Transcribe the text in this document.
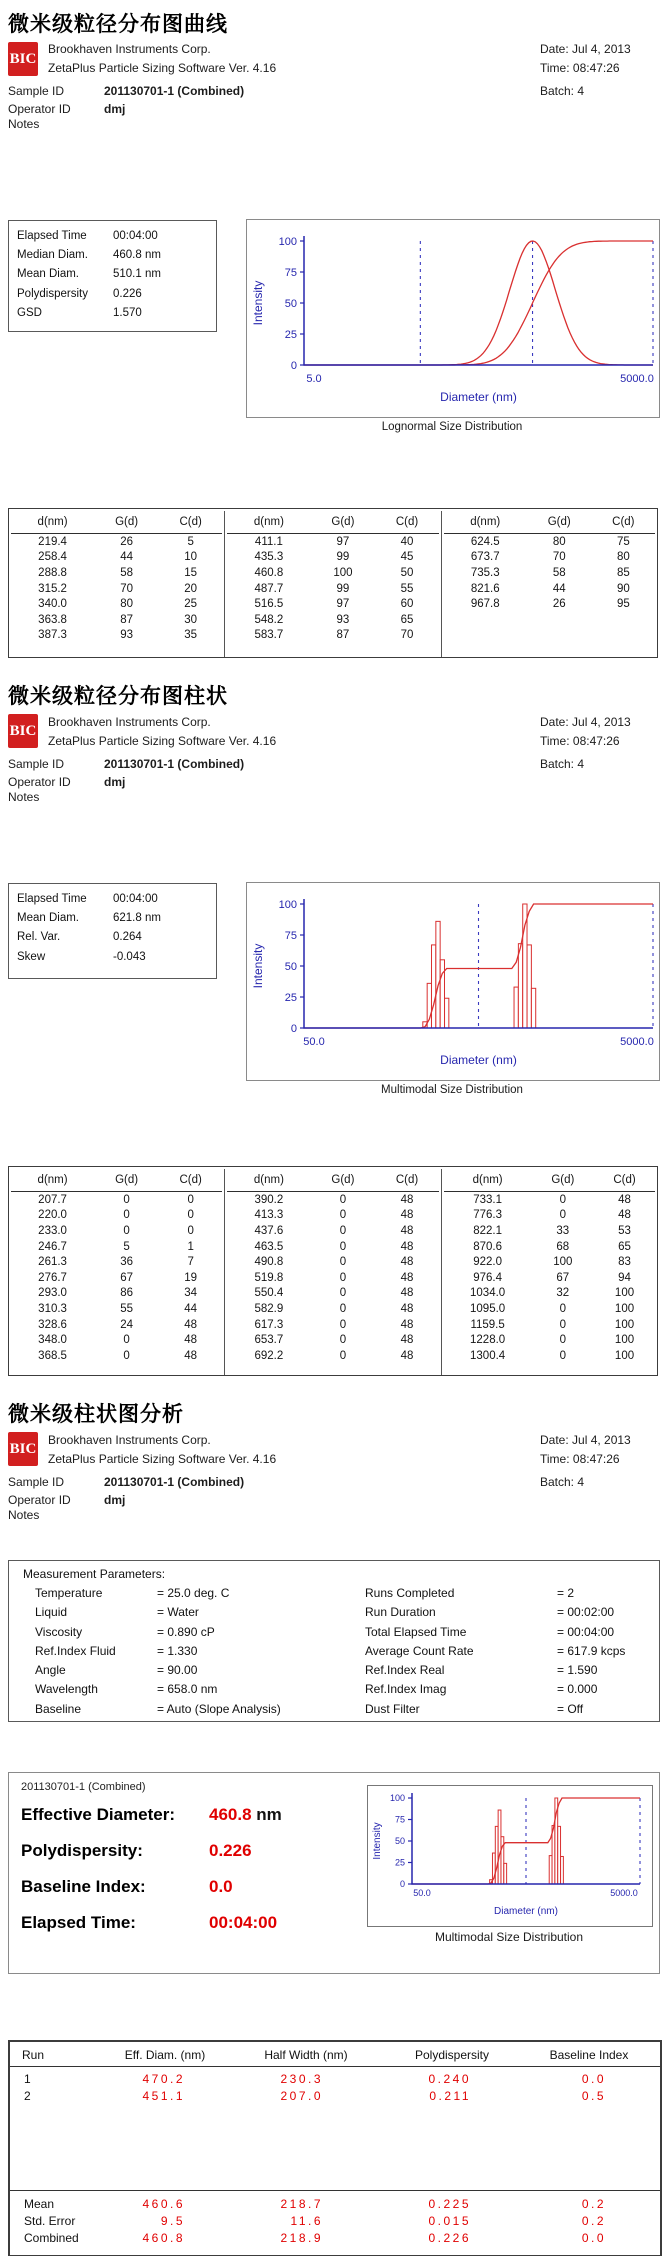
微米级粒径分布图曲线
BIC
Brookhaven Instruments Corp.
ZetaPlus Particle Sizing Software Ver. 4.16
Date: Jul 4, 2013
Time: 08:47:26
Batch: 4
Sample ID	201130701-1 (Combined)
Operator ID	dmj
Notes
Elapsed Time	00:04:00
Median Diam.	460.8 nm
Mean Diam.	510.1 nm
Polydispersity	0.226
GSD	1.570
0
25
50
75
100
5.0	5000.0
Diameter (nm)
Intensity
Lognormal Size Distribution
d(nm)	G(d)	C(d)
219.4	26	5
258.4	44	10
288.8	58	15
315.2	70	20
340.0	80	25
363.8	87	30
387.3	93	35
d(nm)	G(d)	C(d)
411.1	97	40
435.3	99	45
460.8	100	50
487.7	99	55
516.5	97	60
548.2	93	65
583.7	87	70
d(nm)	G(d)	C(d)
624.5	80	75
673.7	70	80
735.3	58	85
821.6	44	90
967.8	26	95
微米级粒径分布图柱状
BIC
Brookhaven Instruments Corp.
ZetaPlus Particle Sizing Software Ver. 4.16
Date: Jul 4, 2013
Time: 08:47:26
Batch: 4
Sample ID	201130701-1 (Combined)
Operator ID	dmj
Notes
Elapsed Time	00:04:00
Mean Diam.	621.8 nm
Rel. Var.	0.264
Skew	-0.043
0
25
50
75
100
50.0	5000.0
Diameter (nm)
Intensity
Multimodal Size Distribution
d(nm)	G(d)	C(d)
207.7	0	0
220.0	0	0
233.0	0	0
246.7	5	1
261.3	36	7
276.7	67	19
293.0	86	34
310.3	55	44
328.6	24	48
348.0	0	48
368.5	0	48
d(nm)	G(d)	C(d)
390.2	0	48
413.3	0	48
437.6	0	48
463.5	0	48
490.8	0	48
519.8	0	48
550.4	0	48
582.9	0	48
617.3	0	48
653.7	0	48
692.2	0	48
d(nm)	G(d)	C(d)
733.1	0	48
776.3	0	48
822.1	33	53
870.6	68	65
922.0	100	83
976.4	67	94
1034.0	32	100
1095.0	0	100
1159.5	0	100
1228.0	0	100
1300.4	0	100
微米级柱状图分析
BIC
Brookhaven Instruments Corp.
ZetaPlus Particle Sizing Software Ver. 4.16
Date: Jul 4, 2013
Time: 08:47:26
Batch: 4
Sample ID	201130701-1 (Combined)
Operator ID	dmj
Notes
Measurement Parameters:
Temperature	= 25.0 deg. C
Liquid	= Water
Viscosity	= 0.890 cP
Ref.Index Fluid	= 1.330
Angle	= 90.00
Wavelength	= 658.0 nm
Baseline	= Auto (Slope Analysis)
Runs Completed	= 2
Run Duration	= 00:02:00
Total Elapsed Time	= 00:04:00
Average Count Rate	= 617.9 kcps
Ref.Index Real	= 1.590
Ref.Index Imag	= 0.000
Dust Filter	= Off
201130701-1 (Combined)
Effective Diameter: 460.8 nm
Polydispersity:	0.226
Baseline Index:	0.0
Elapsed Time:	00:04:00
0
25
50
75
100
50.0	5000.0
Diameter (nm)
Intensity
Multimodal Size Distribution
Run	Eff. Diam. (nm)	Half Width (nm)	Polydispersity	Baseline Index
1	470.2	230.3	0.240	0.0
2	451.1	207.0	0.211	0.5
Mean	460.6	218.7	0.225	0.2
Std. Error	9.5	11.6	0.015	0.2
Combined	460.8	218.9	0.226	0.0
